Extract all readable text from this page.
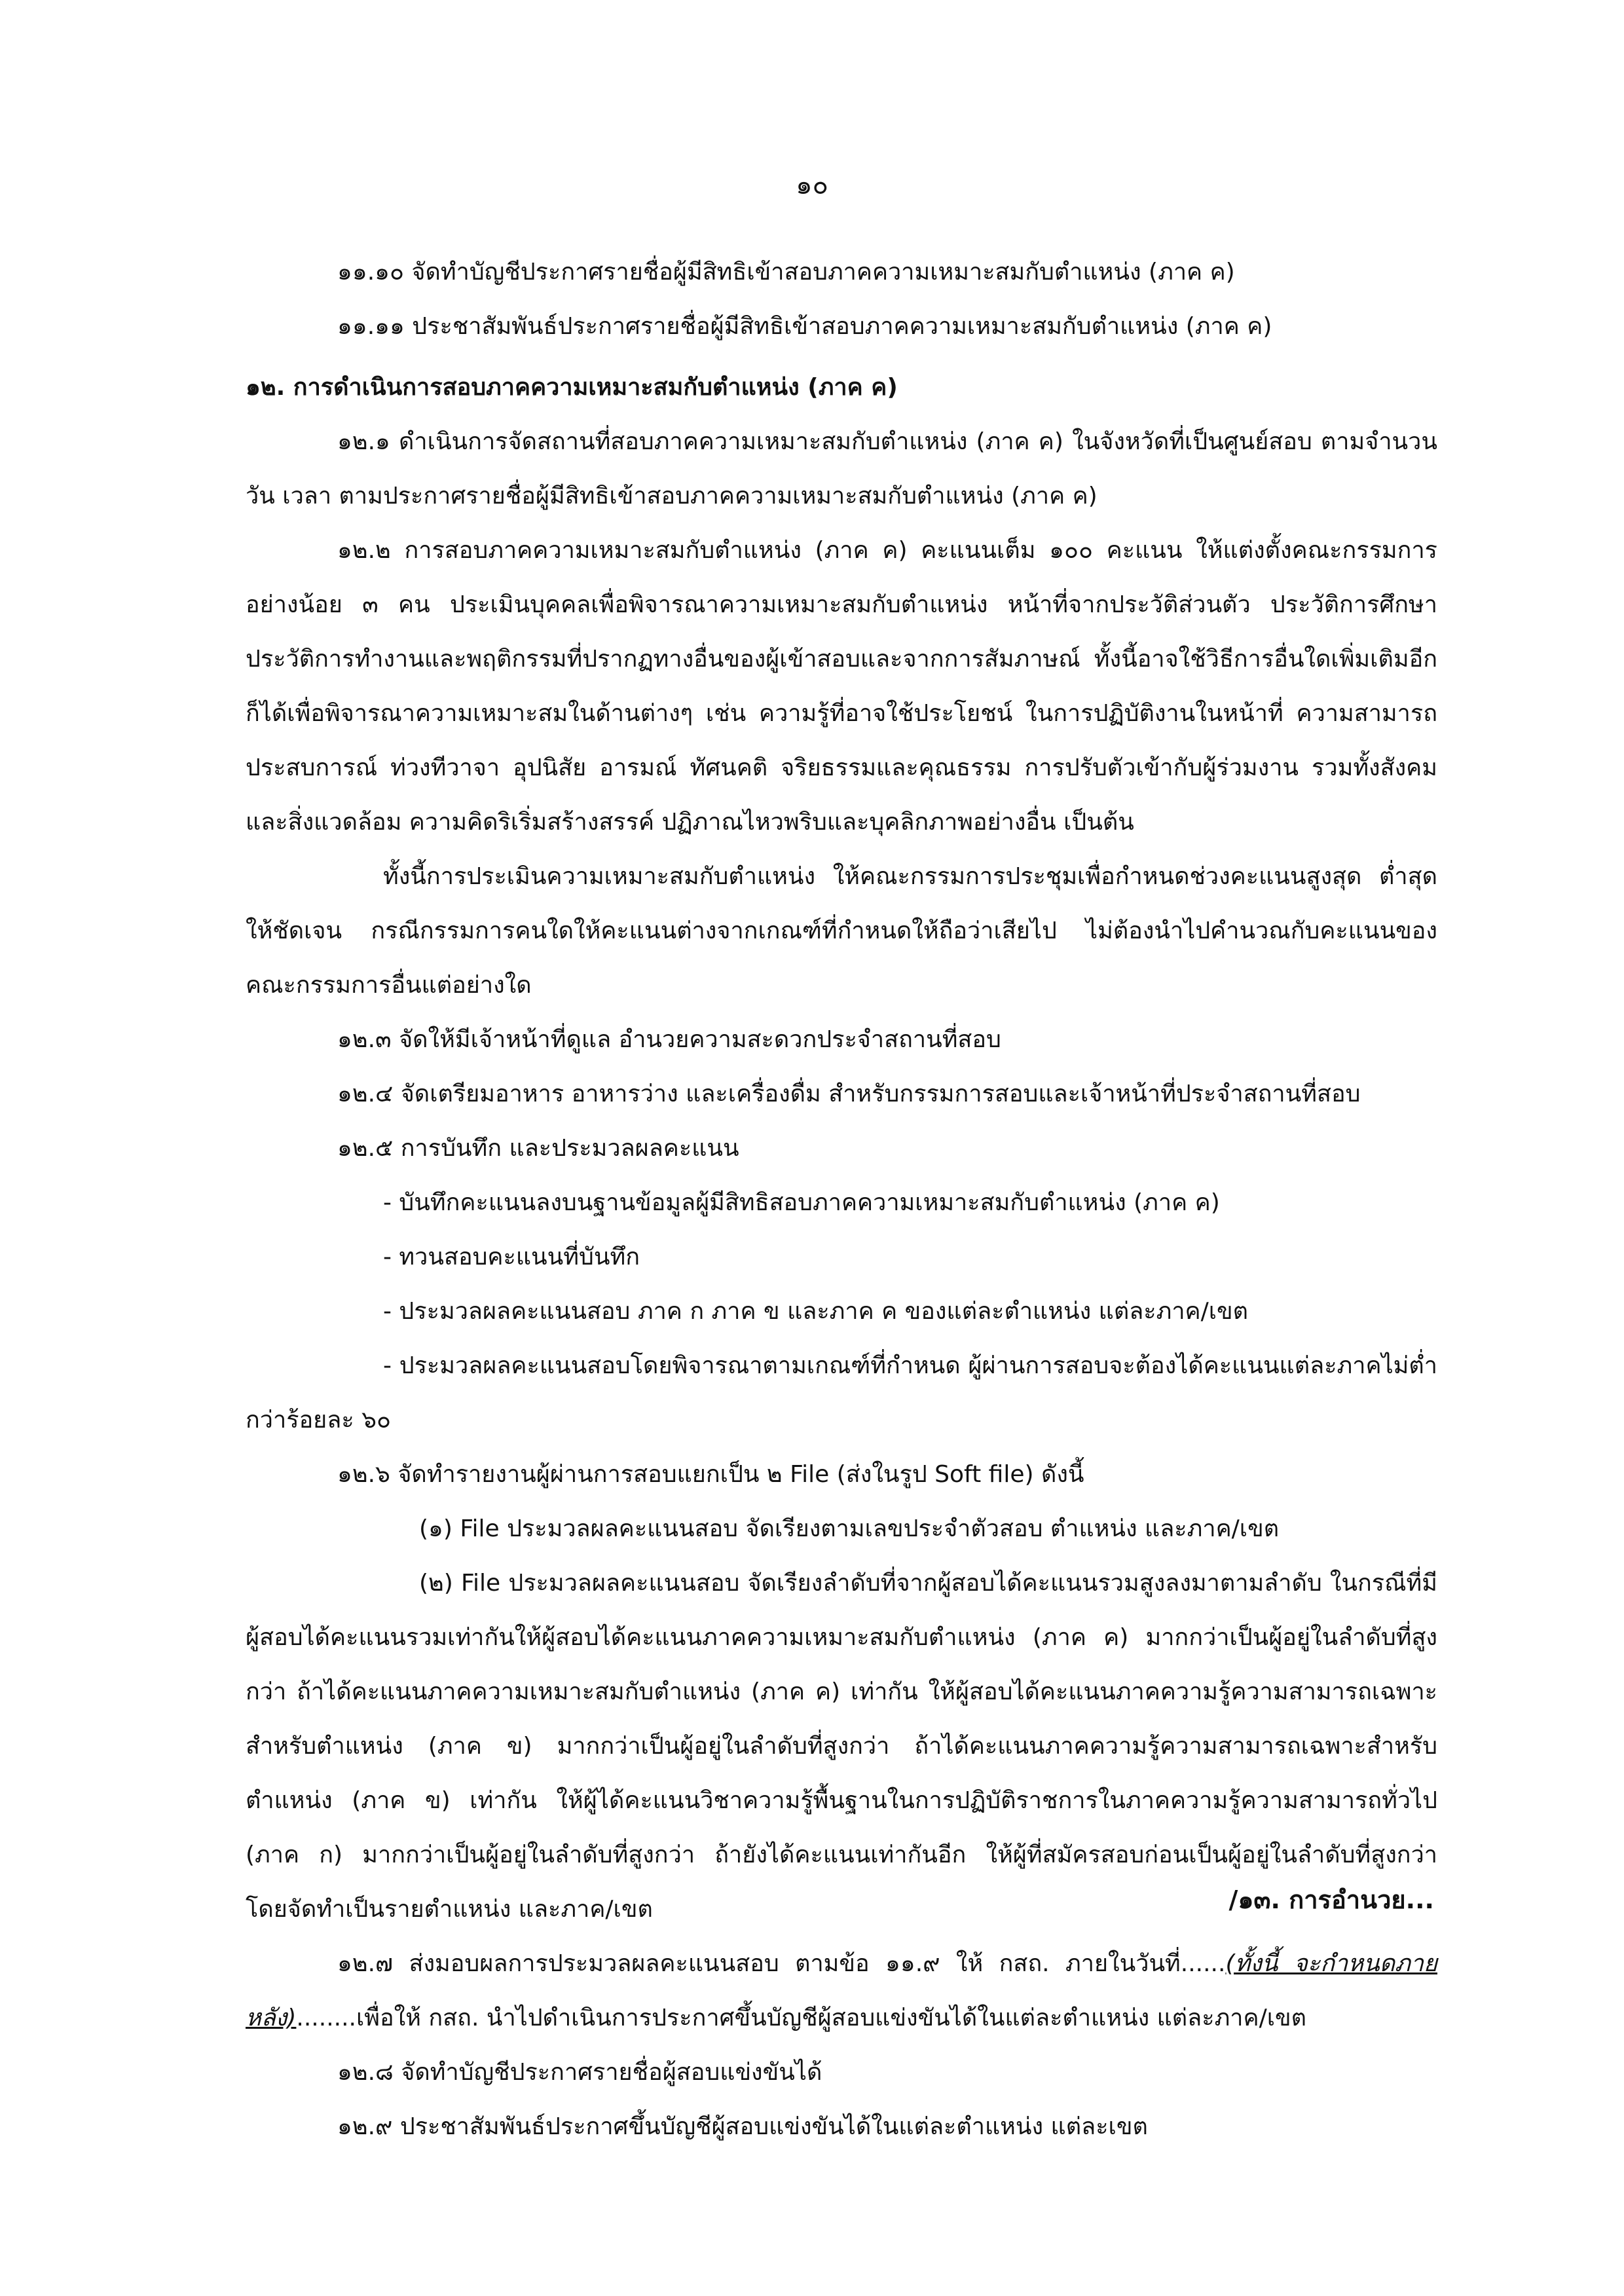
๑๐

๑๑.๑๐ จัดทำบัญชีประกาศรายชื่อผู้มีสิทธิเข้าสอบภาคความเหมาะสมกับตำแหน่ง (ภาค ค)

๑๑.๑๑ ประชาสัมพันธ์ประกาศรายชื่อผู้มีสิทธิเข้าสอบภาคความเหมาะสมกับตำแหน่ง (ภาค ค)

๑๒. การดำเนินการสอบภาคความเหมาะสมกับตำแหน่ง (ภาค ค)

๑๒.๑ ดำเนินการจัดสถานที่สอบภาคความเหมาะสมกับตำแหน่ง (ภาค ค) ในจังหวัดที่เป็นศูนย์สอบ ตามจำนวน วัน เวลา ตามประกาศรายชื่อผู้มีสิทธิเข้าสอบภาคความเหมาะสมกับตำแหน่ง (ภาค ค)

๑๒.๒ การสอบภาคความเหมาะสมกับตำแหน่ง (ภาค ค) คะแนนเต็ม ๑๐๐ คะแนน ให้แต่งตั้งคณะกรรมการอย่างน้อย ๓ คน ประเมินบุคคลเพื่อพิจารณาความเหมาะสมกับตำแหน่ง หน้าที่จากประวัติส่วนตัว ประวัติการศึกษา ประวัติการทำงานและพฤติกรรมที่ปรากฏทางอื่นของผู้เข้าสอบและจากการสัมภาษณ์ ทั้งนี้อาจใช้วิธีการอื่นใดเพิ่มเติมอีกก็ได้เพื่อพิจารณาความเหมาะสมในด้านต่างๆ เช่น ความรู้ที่อาจใช้ประโยชน์ ในการปฏิบัติงานในหน้าที่ ความสามารถ ประสบการณ์ ท่วงทีวาจา อุปนิสัย อารมณ์ ทัศนคติ จริยธรรมและคุณธรรม การปรับตัวเข้ากับผู้ร่วมงาน รวมทั้งสังคมและสิ่งแวดล้อม ความคิดริเริ่มสร้างสรรค์ ปฏิภาณไหวพริบและบุคลิกภาพอย่างอื่น เป็นต้น

ทั้งนี้การประเมินความเหมาะสมกับตำแหน่ง ให้คณะกรรมการประชุมเพื่อกำหนดช่วงคะแนนสูงสุด ต่ำสุด ให้ชัดเจน กรณีกรรมการคนใดให้คะแนนต่างจากเกณฑ์ที่กำหนดให้ถือว่าเสียไป ไม่ต้องนำไปคำนวณกับคะแนนของคณะกรรมการอื่นแต่อย่างใด

๑๒.๓ จัดให้มีเจ้าหน้าที่ดูแล อำนวยความสะดวกประจำสถานที่สอบ

๑๒.๔ จัดเตรียมอาหาร อาหารว่าง และเครื่องดื่ม สำหรับกรรมการสอบและเจ้าหน้าที่ประจำสถานที่สอบ

๑๒.๕ การบันทึก และประมวลผลคะแนน

- บันทึกคะแนนลงบนฐานข้อมูลผู้มีสิทธิสอบภาคความเหมาะสมกับตำแหน่ง (ภาค ค)

- ทวนสอบคะแนนที่บันทึก

- ประมวลผลคะแนนสอบ ภาค ก ภาค ข และภาค ค ของแต่ละตำแหน่ง แต่ละภาค/เขต

- ประมวลผลคะแนนสอบโดยพิจารณาตามเกณฑ์ที่กำหนด ผู้ผ่านการสอบจะต้องได้คะแนนแต่ละภาคไม่ต่ำกว่าร้อยละ ๖๐

๑๒.๖ จัดทำรายงานผู้ผ่านการสอบแยกเป็น ๒ File (ส่งในรูป Soft file) ดังนี้

(๑) File ประมวลผลคะแนนสอบ จัดเรียงตามเลขประจำตัวสอบ ตำแหน่ง และภาค/เขต

(๒) File ประมวลผลคะแนนสอบ จัดเรียงลำดับที่จากผู้สอบได้คะแนนรวมสูงลงมาตามลำดับ ในกรณีที่มีผู้สอบได้คะแนนรวมเท่ากันให้ผู้สอบได้คะแนนภาคความเหมาะสมกับตำแหน่ง (ภาค ค) มากกว่าเป็นผู้อยู่ในลำดับที่สูงกว่า ถ้าได้คะแนนภาคความเหมาะสมกับตำแหน่ง (ภาค ค) เท่ากัน ให้ผู้สอบได้คะแนนภาคความรู้ความสามารถเฉพาะสำหรับตำแหน่ง (ภาค ข) มากกว่าเป็นผู้อยู่ในลำดับที่สูงกว่า ถ้าได้คะแนนภาคความรู้ความสามารถเฉพาะสำหรับตำแหน่ง (ภาค ข) เท่ากัน ให้ผู้ได้คะแนนวิชาความรู้พื้นฐานในการปฏิบัติราชการในภาคความรู้ความสามารถทั่วไป (ภาค ก) มากกว่าเป็นผู้อยู่ในลำดับที่สูงกว่า ถ้ายังได้คะแนนเท่ากันอีก ให้ผู้ที่สมัครสอบก่อนเป็นผู้อยู่ในลำดับที่สูงกว่า โดยจัดทำเป็นรายตำแหน่ง และภาค/เขต

๑๒.๗ ส่งมอบผลการประมวลผลคะแนนสอบ ตามข้อ ๑๑.๙ ให้ กสถ. ภายในวันที่......(ทั้งนี้ จะกำหนดภายหลัง)........เพื่อให้ กสถ. นำไปดำเนินการประกาศขึ้นบัญชีผู้สอบแข่งขันได้ในแต่ละตำแหน่ง แต่ละภาค/เขต

๑๒.๘ จัดทำบัญชีประกาศรายชื่อผู้สอบแข่งขันได้

๑๒.๙ ประชาสัมพันธ์ประกาศขึ้นบัญชีผู้สอบแข่งขันได้ในแต่ละตำแหน่ง แต่ละเขต

/๑๓. การอำนวย...
